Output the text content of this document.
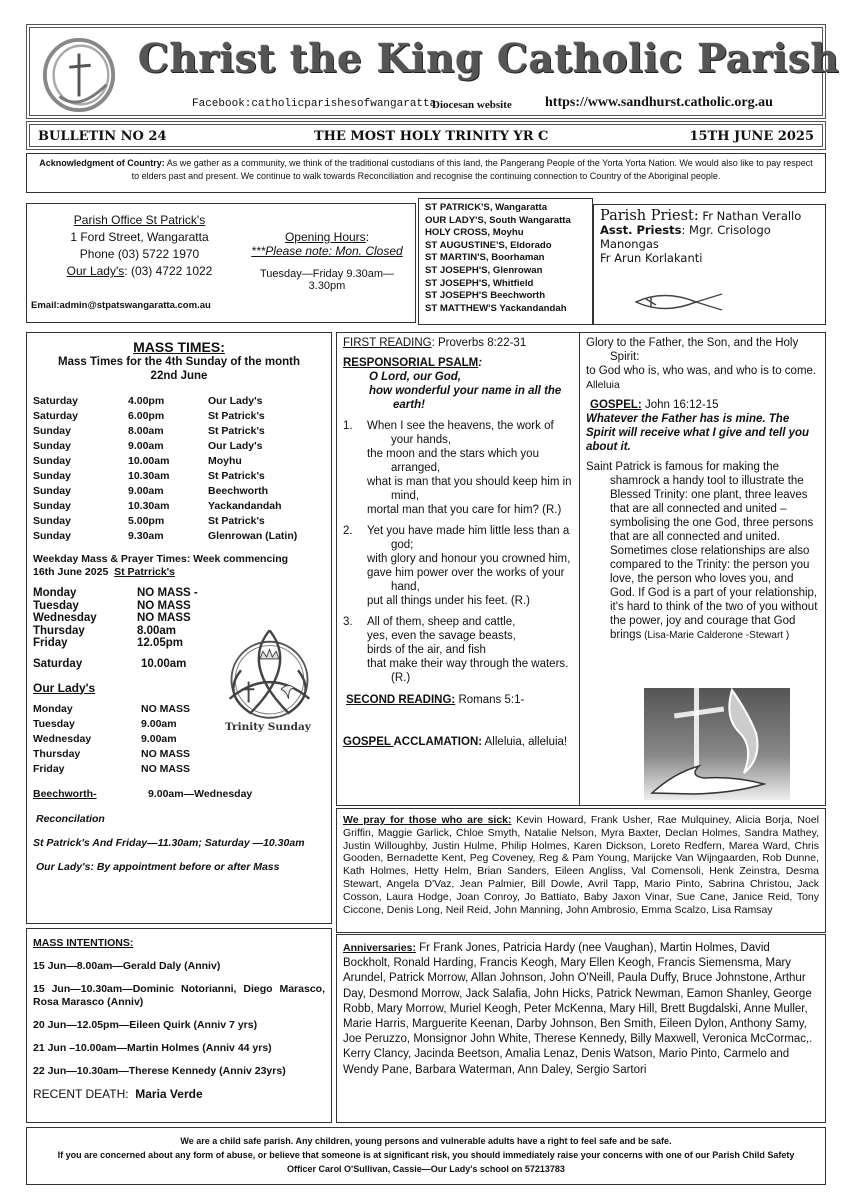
Christ the King Catholic Parish
Facebook:catholicparishesofwangaratta
Diocesan website https://www.sandhurst.catholic.org.au
BULLETIN NO 24	THE MOST HOLY TRINITY YR C	15TH JUNE 2025
Acknowledgment of Country: As we gather as a community, we think of the traditional custodians of this land, the Pangerang People of the Yorta Yorta Nation. We would also like to pay respect to elders past and present. We continue to walk towards Reconciliation and recognise the continuing connection to Country of the Aboriginal people.
Parish Office St Patrick's
1 Ford Street, Wangaratta
Phone (03) 5722 1970
Our Lady's: (03) 4722 1022
Opening Hours:
***Please note: Mon. Closed
Tuesday—Friday 9.30am—3.30pm
Email:admin@stpatswangaratta.com.au
ST PATRICK'S, Wangaratta
OUR LADY'S, South Wangaratta
HOLY CROSS, Moyhu
ST AUGUSTINE'S, Eldorado
ST MARTIN'S, Boorhaman
ST JOSEPH'S, Glenrowan
ST JOSEPH'S, Whitfield
ST JOSEPH'S Beechworth
ST MATTHEW'S Yackandandah
Parish Priest: Fr Nathan Verallo
Asst. Priests: Mgr. Crisologo Manongas
Fr Arun Korlakanti
MASS TIMES:
Mass Times for the 4th Sunday of the month
22nd June
Saturday	4.00pm	Our Lady's
Saturday	6.00pm	St Patrick's
Sunday	8.00am	St Patrick's
Sunday	9.00am	Our Lady's
Sunday	10.00am	Moyhu
Sunday	10.30am	St Patrick's
Sunday	9.00am	Beechworth
Sunday	10.30am	Yackandandah
Sunday	5.00pm	St Patrick's
Sunday	9.30am	Glenrowan (Latin)
Weekday Mass & Prayer Times: Week commencing
16th June 2025 St Patrrick's
Monday	NO MASS -
Tuesday	NO MASS
Wednesday	NO MASS
Thursday	8.00am
Friday	12.05pm
Saturday	10.00am
Our Lady's
Monday	NO MASS
Tuesday	9.00am
Wednesday	9.00am
Thursday	NO MASS
Friday	NO MASS
Beechworth-	9.00am—Wednesday
Reconcilation
St Patrick's And Friday—11.30am; Saturday —10.30am
Our Lady's: By appointment before or after Mass
Trinity Sunday

MASS INTENTIONS:

15 Jun—8.00am—Gerald Daly (Anniv)

15 Jun—10.30am—Dominic Notorianni, Diego Marasco, Rosa Marasco (Anniv)

20 Jun—12.05pm—Eileen Quirk (Anniv 7 yrs)

21 Jun –10.00am—Martin Holmes (Anniv 44 yrs)

22 Jun—10.30am—Therese Kennedy (Anniv 23yrs)

RECENT DEATH: Maria Verde

FIRST READING: Proverbs 8:22-31
RESPONSORIAL PSALM:
O Lord, our God,
how wonderful your name in all the earth!
1. When I see the heavens, the work of your hands,
the moon and the stars which you arranged,
what is man that you should keep him in mind,
mortal man that you care for him? (R.)
2. Yet you have made him little less than a god;
with glory and honour you crowned him,
gave him power over the works of your hand,
put all things under his feet. (R.)
3. All of them, sheep and cattle,
yes, even the savage beasts,
birds of the air, and fish
that make their way through the waters. (R.)
SECOND READING: Romans 5:1-
GOSPEL ACCLAMATION: Alleluia, alleluia!
Glory to the Father, the Son, and the Holy Spirit:
to God who is, who was, and who is to come.
Alleluia
GOSPEL: John 16:12-15
Whatever the Father has is mine. The Spirit will receive what I give and tell you about it.
Saint Patrick is famous for making the shamrock a handy tool to illustrate the Blessed Trinity: one plant, three leaves that are all connected and united – symbolising the one God, three persons that are all connected and united. Sometimes close relationships are also compared to the Trinity: the person you love, the person who loves you, and God. If God is a part of your relationship, it's hard to think of the two of you without the power, joy and courage that God brings (Lisa-Marie Calderone -Stewart )
We pray for those who are sick: Kevin Howard, Frank Usher, Rae Mulquiney, Alicia Borja, Noel Griffin, Maggie Garlick, Chloe Smyth, Natalie Nelson, Myra Baxter, Declan Holmes, Sandra Mathey, Justin Willoughby, Justin Hulme, Philip Holmes, Karen Dickson, Loreto Redfern, Marea Ward, Chris Gooden, Bernadette Kent, Peg Coveney, Reg & Pam Young, Marijcke Van Wijngaarden, Rob Dunne, Kath Holmes, Hetty Helm, Brian Sanders, Eileen Angliss, Val Comensoli, Henk Zeinstra, Desma Stewart, Angela D'Vaz, Jean Palmier, Bill Dowle, Avril Tapp, Mario Pinto, Sabrina Christou, Jack Cosson, Laura Hodge, Joan Conroy, Jo Battiato, Baby Jaxon Vinar, Sue Cane, Janice Reid, Tony Ciccone, Denis Long, Neil Reid, John Manning, John Ambrosio, Emma Scalzo, Lisa Ramsay
Anniversaries: Fr Frank Jones, Patricia Hardy (nee Vaughan), Martin Holmes, David Bockholt, Ronald Harding, Francis Keogh, Mary Ellen Keogh, Francis Siemensma, Mary Arundel, Patrick Morrow, Allan Johnson, John O'Neill, Paula Duffy, Bruce Johnstone, Arthur Day, Desmond Morrow, Jack Salafia, John Hicks, Patrick Newman, Eamon Shanley, George Robb, Mary Morrow, Muriel Keogh, Peter McKenna, Mary Hill, Brett Bugdalski, Anne Muller, Marie Harris, Marguerite Keenan, Darby Johnson, Ben Smith, Eileen Dylon, Anthony Samy, Joe Peruzzo, Monsignor John White, Therese Kennedy, Billy Maxwell, Veronica McCormac,. Kerry Clancy, Jacinda Beetson, Amalia Lenaz, Denis Watson, Mario Pinto, Carmelo and Wendy Pane, Barbara Waterman, Ann Daley, Sergio Sartori
We are a child safe parish. Any children, young persons and vulnerable adults have a right to feel safe and be safe.
If you are concerned about any form of abuse, or believe that someone is at significant risk, you should immediately raise your concerns with one of our Parish Child Safety
Officer Carol O'Sullivan, Cassie—Our Lady's school on 57213783
